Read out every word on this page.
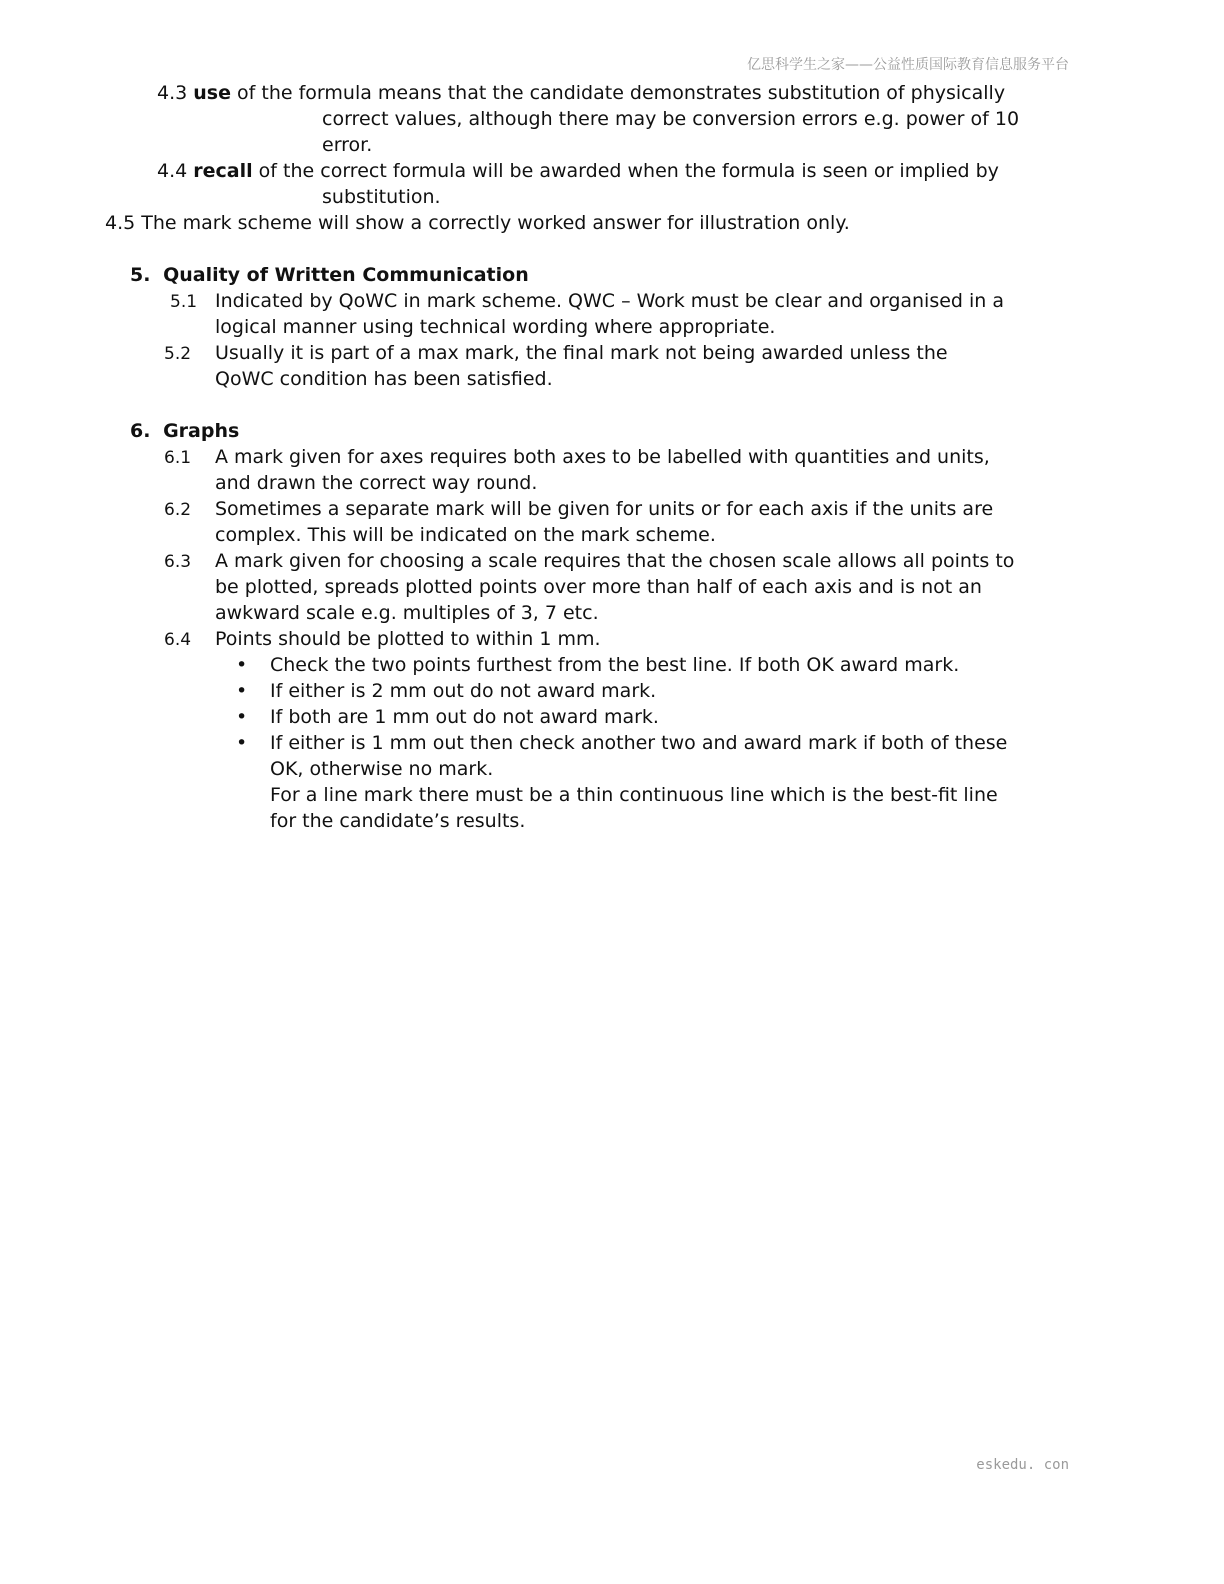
亿思科学生之家——公益性质国际教育信息服务平台
4.3 use of the formula means that the candidate demonstrates substitution of physically
correct values, although there may be conversion errors e.g. power of 10
error.
4.4 recall of the correct formula will be awarded when the formula is seen or implied by
substitution.
4.5 The mark scheme will show a correctly worked answer for illustration only.
5. Quality of Written Communication
5.1 Indicated by QoWC in mark scheme. QWC – Work must be clear and organised in a
logical manner using technical wording where appropriate.
5.2 Usually it is part of a max mark, the final mark not being awarded unless the
QoWC condition has been satisfied.
6. Graphs
6.1 A mark given for axes requires both axes to be labelled with quantities and units,
and drawn the correct way round.
6.2 Sometimes a separate mark will be given for units or for each axis if the units are
complex. This will be indicated on the mark scheme.
6.3 A mark given for choosing a scale requires that the chosen scale allows all points to
be plotted, spreads plotted points over more than half of each axis and is not an
awkward scale e.g. multiples of 3, 7 etc.
6.4 Points should be plotted to within 1 mm.
• Check the two points furthest from the best line. If both OK award mark.
• If either is 2 mm out do not award mark.
• If both are 1 mm out do not award mark.
• If either is 1 mm out then check another two and award mark if both of these
OK, otherwise no mark.
For a line mark there must be a thin continuous line which is the best-fit line
for the candidate’s results.
eskedu. con
